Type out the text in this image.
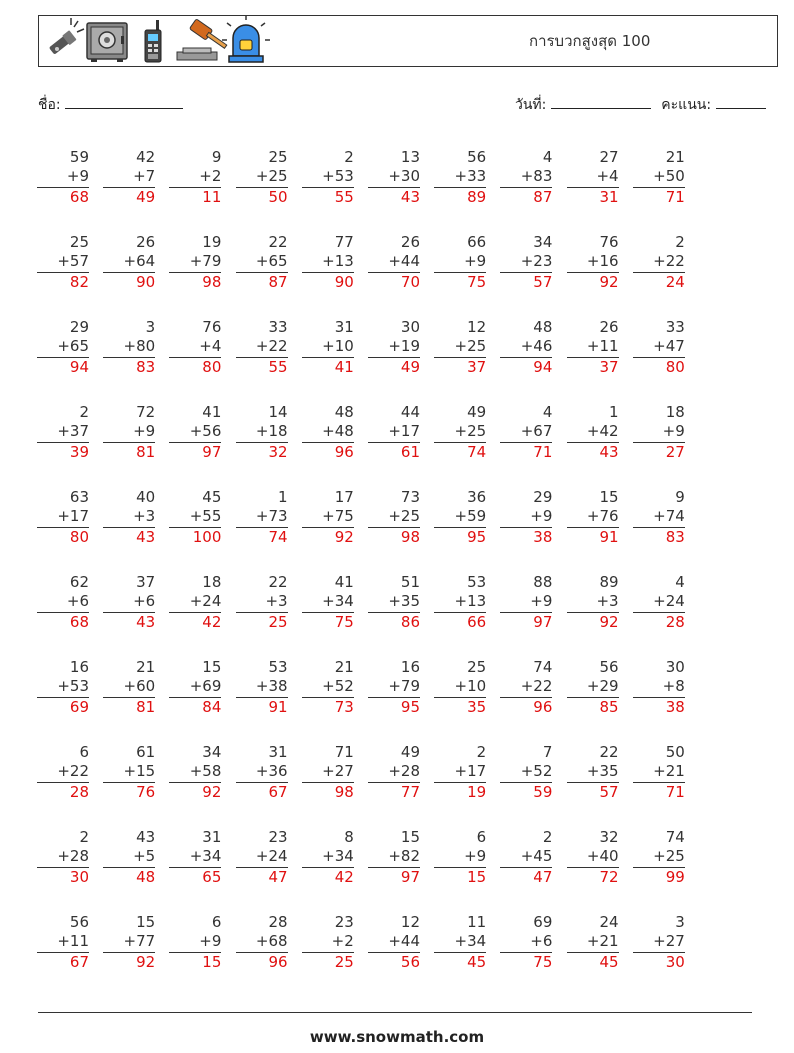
การบวกสูงสุด 100
ชื่อ:	วันที่:	คะแนน:
59
+9
68
42
+7
49
9
+2
11
25
+25
50
2
+53
55
13
+30
43
56
+33
89
4
+83
87
27
+4
31
21
+50
71
25
+57
82
26
+64
90
19
+79
98
22
+65
87
77
+13
90
26
+44
70
66
+9
75
34
+23
57
76
+16
92
2
+22
24
29
+65
94
3
+80
83
76
+4
80
33
+22
55
31
+10
41
30
+19
49
12
+25
37
48
+46
94
26
+11
37
33
+47
80
2
+37
39
72
+9
81
41
+56
97
14
+18
32
48
+48
96
44
+17
61
49
+25
74
4
+67
71
1
+42
43
18
+9
27
63
+17
80
40
+3
43
45
+55
100
1
+73
74
17
+75
92
73
+25
98
36
+59
95
29
+9
38
15
+76
91
9
+74
83
62
+6
68
37
+6
43
18
+24
42
22
+3
25
41
+34
75
51
+35
86
53
+13
66
88
+9
97
89
+3
92
4
+24
28
16
+53
69
21
+60
81
15
+69
84
53
+38
91
21
+52
73
16
+79
95
25
+10
35
74
+22
96
56
+29
85
30
+8
38
6
+22
28
61
+15
76
34
+58
92
31
+36
67
71
+27
98
49
+28
77
2
+17
19
7
+52
59
22
+35
57
50
+21
71
2
+28
30
43
+5
48
31
+34
65
23
+24
47
8
+34
42
15
+82
97
6
+9
15
2
+45
47
32
+40
72
74
+25
99
56
+11
67
15
+77
92
6
+9
15
28
+68
96
23
+2
25
12
+44
56
11
+34
45
69
+6
75
24
+21
45
3
+27
30
www.snowmath.com
